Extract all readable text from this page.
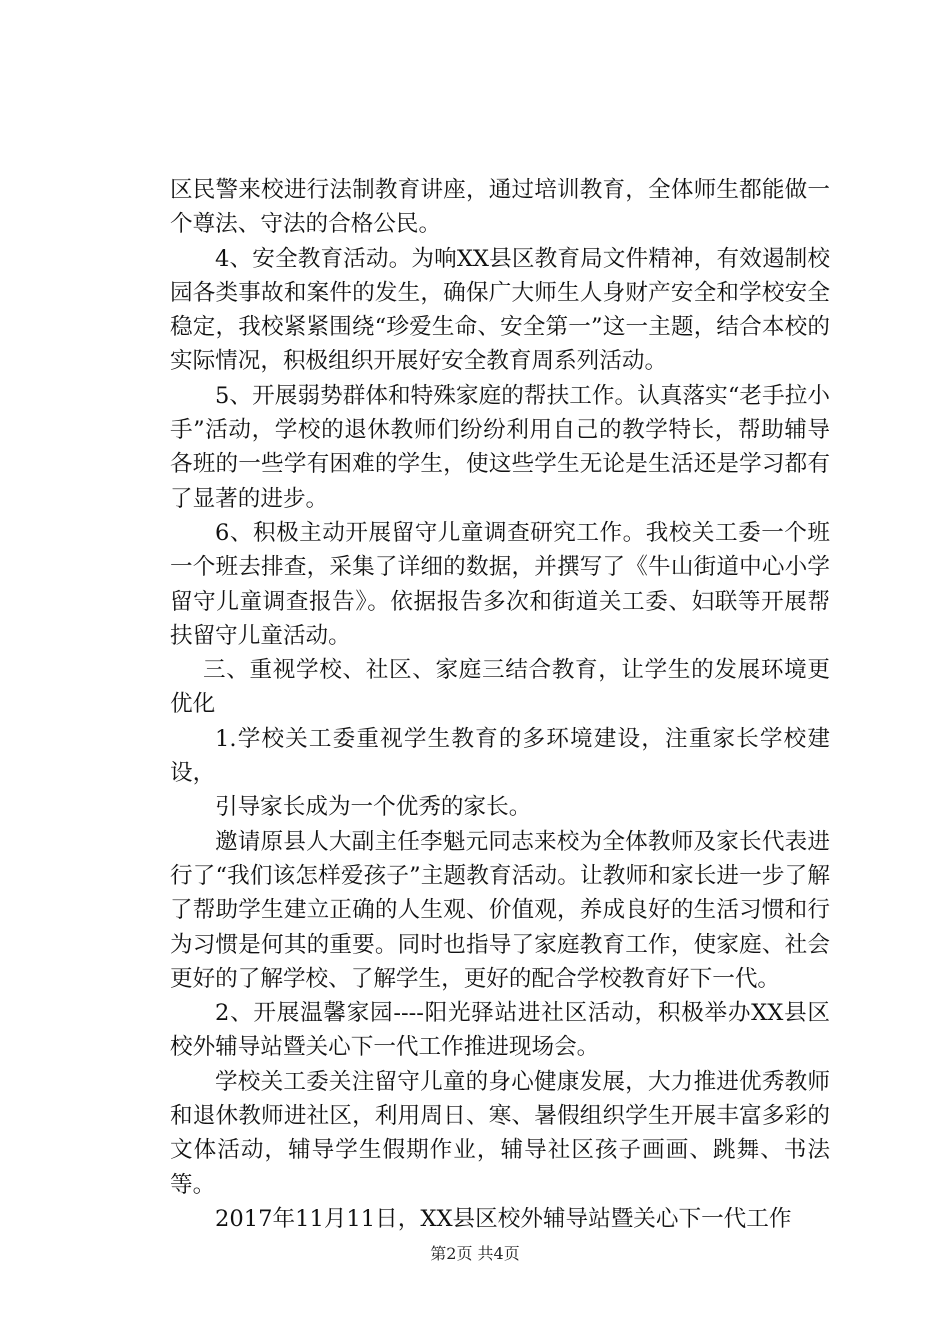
区民警来校进行法制教育讲座，通过培训教育，全体师生都能做一个尊法、守法的合格公民。

4、安全教育活动。为响XX县区教育局文件精神，有效遏制校园各类事故和案件的发生，确保广大师生人身财产安全和学校安全稳定，我校紧紧围绕“珍爱生命、安全第一”这一主题，结合本校的实际情况，积极组织开展好安全教育周系列活动。

5、开展弱势群体和特殊家庭的帮扶工作。认真落实“老手拉小手”活动，学校的退休教师们纷纷利用自己的教学特长，帮助辅导各班的一些学有困难的学生，使这些学生无论是生活还是学习都有了显著的进步。

6、积极主动开展留守儿童调查研究工作。我校关工委一个班一个班去排查，采集了详细的数据，并撰写了《牛山街道中心小学留守儿童调查报告》。依据报告多次和街道关工委、妇联等开展帮扶留守儿童活动。

三、重视学校、社区、家庭三结合教育，让学生的发展环境更优化

1.学校关工委重视学生教育的多环境建设，注重家长学校建设，

引导家长成为一个优秀的家长。

邀请原县人大副主任李魁元同志来校为全体教师及家长代表进行了“我们该怎样爱孩子”主题教育活动。让教师和家长进一步了解了帮助学生建立正确的人生观、价值观，养成良好的生活习惯和行为习惯是何其的重要。同时也指导了家庭教育工作，使家庭、社会更好的了解学校、了解学生，更好的配合学校教育好下一代。

2、开展温馨家园----阳光驿站进社区活动，积极举办XX县区校外辅导站暨关心下一代工作推进现场会。

学校关工委关注留守儿童的身心健康发展，大力推进优秀教师和退休教师进社区，利用周日、寒、暑假组织学生开展丰富多彩的文体活动，辅导学生假期作业，辅导社区孩子画画、跳舞、书法等。

2017年11月11日，XX县区校外辅导站暨关心下一代工作

第2页 共4页
